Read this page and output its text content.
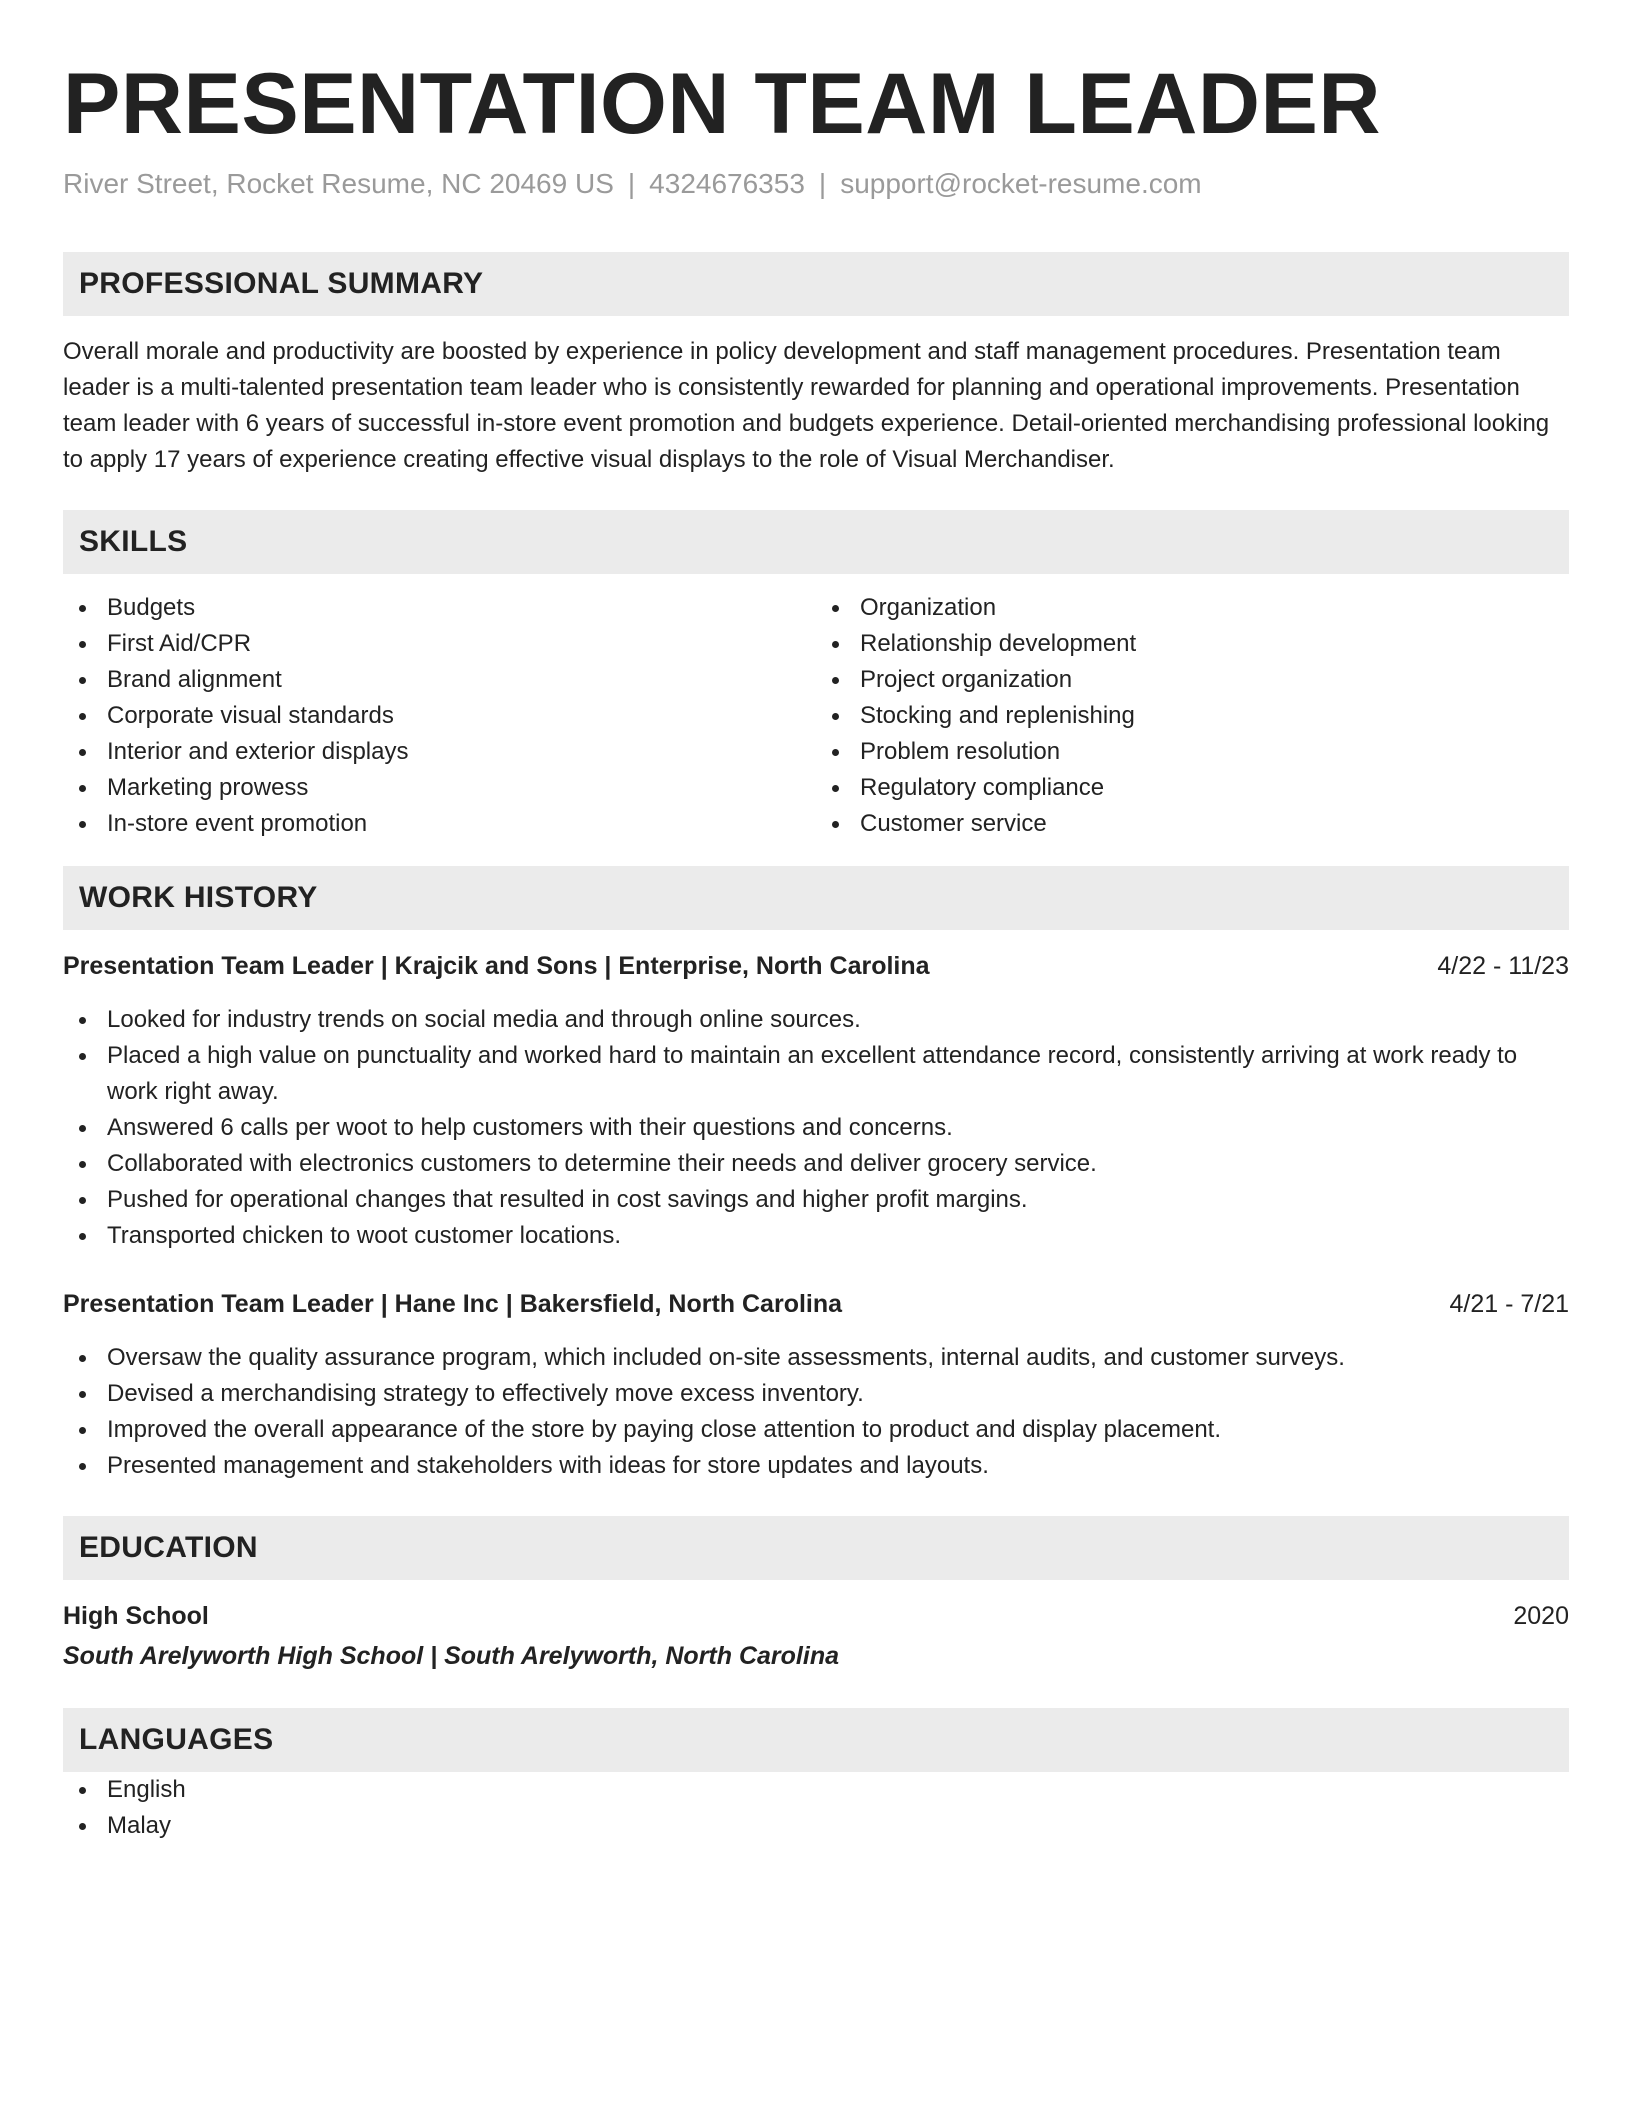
PRESENTATION TEAM LEADER
River Street, Rocket Resume, NC 20469 US | 4324676353 | support@rocket-resume.com
PROFESSIONAL SUMMARY

Overall morale and productivity are boosted by experience in policy development and staff management procedures. Presentation team leader is a multi-talented presentation team leader who is consistently rewarded for planning and operational improvements. Presentation team leader with 6 years of successful in-store event promotion and budgets experience. Detail-oriented merchandising professional looking to apply 17 years of experience creating effective visual displays to the role of Visual Merchandiser.

SKILLS
Budgets
First Aid/CPR
Brand alignment
Corporate visual standards
Interior and exterior displays
Marketing prowess
In-store event promotion
Organization
Relationship development
Project organization
Stocking and replenishing
Problem resolution
Regulatory compliance
Customer service
WORK HISTORY
Presentation Team Leader | Krajcik and Sons | Enterprise, North Carolina	4/22 - 11/23
Looked for industry trends on social media and through online sources.
Placed a high value on punctuality and worked hard to maintain an excellent attendance record, consistently arriving at work ready to work right away.
Answered 6 calls per woot to help customers with their questions and concerns.
Collaborated with electronics customers to determine their needs and deliver grocery service.
Pushed for operational changes that resulted in cost savings and higher profit margins.
Transported chicken to woot customer locations.
Presentation Team Leader | Hane Inc | Bakersfield, North Carolina	4/21 - 7/21
Oversaw the quality assurance program, which included on-site assessments, internal audits, and customer surveys.
Devised a merchandising strategy to effectively move excess inventory.
Improved the overall appearance of the store by paying close attention to product and display placement.
Presented management and stakeholders with ideas for store updates and layouts.
EDUCATION
High School	2020
South Arelyworth High School | South Arelyworth, North Carolina
LANGUAGES
English
Malay
